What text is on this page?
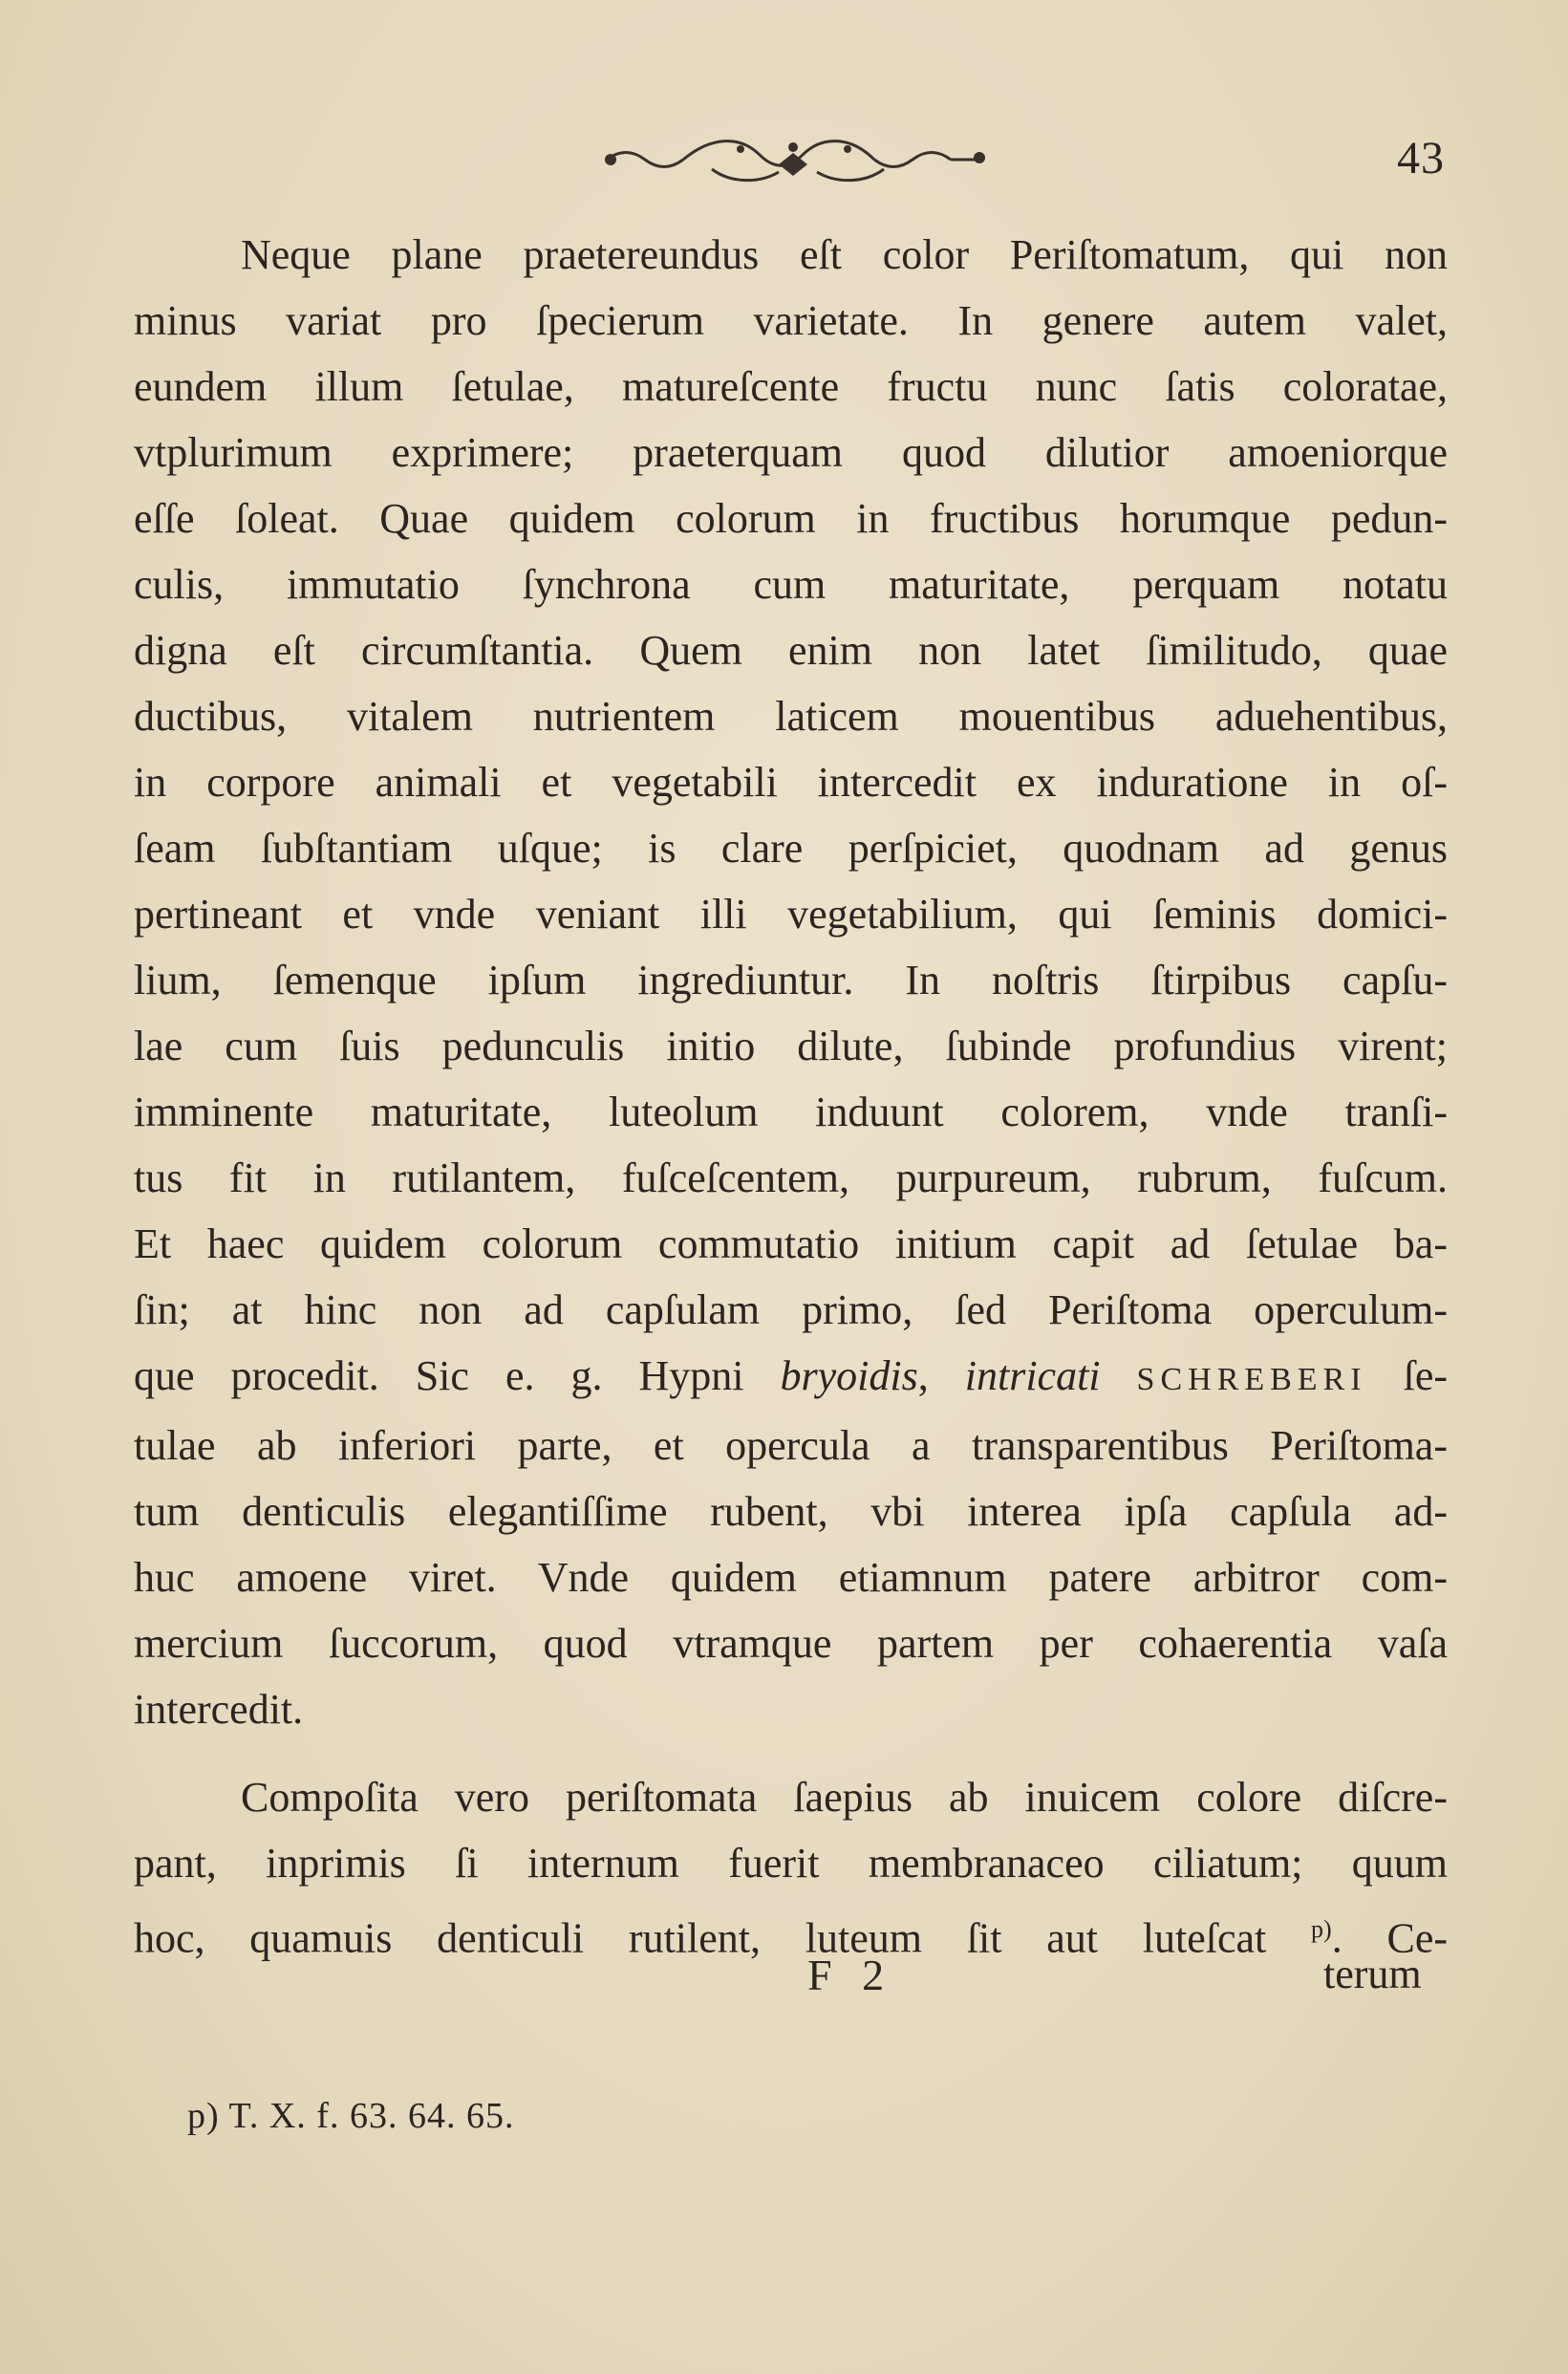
43
Neque plane praetereundus eſt color Periſtomatum, qui non
minus variat pro ſpecierum varietate. In genere autem valet,
eundem illum ſetulae, matureſcente fructu nunc ſatis coloratae,
vtplurimum exprimere; praeterquam quod dilutior amoeniorque
eſſe ſoleat. Quae quidem colorum in fructibus horumque pedun-
culis, immutatio ſynchrona cum maturitate, perquam notatu
digna eſt circumſtantia. Quem enim non latet ſimilitudo, quae
ductibus, vitalem nutrientem laticem mouentibus aduehentibus,
in corpore animali et vegetabili intercedit ex induratione in oſ-
ſeam ſubſtantiam uſque; is clare perſpiciet, quodnam ad genus
pertineant et vnde veniant illi vegetabilium, qui ſeminis domici-
lium, ſemenque ipſum ingrediuntur. In noſtris ſtirpibus capſu-
lae cum ſuis pedunculis initio dilute, ſubinde profundius virent;
imminente maturitate, luteolum induunt colorem, vnde tranſi-
tus fit in rutilantem, fuſceſcentem, purpureum, rubrum, fuſcum.
Et haec quidem colorum commutatio initium capit ad ſetulae ba-
ſin; at hinc non ad capſulam primo, ſed Periſtoma operculum-
que procedit. Sic e. g. Hypni bryoidis, intricati SCHREBERI ſe-
tulae ab inferiori parte, et opercula a transparentibus Periſtoma-
tum denticulis elegantiſſime rubent, vbi interea ipſa capſula ad-
huc amoene viret. Vnde quidem etiamnum patere arbitror com-
mercium ſuccorum, quod vtramque partem per cohaerentia vaſa
intercedit.
Compoſita vero periſtomata ſaepius ab inuicem colore diſcre-
pant, inprimis ſi internum fuerit membranaceo ciliatum; quum
hoc, quamuis denticuli rutilent, luteum ſit aut luteſcat $^{p)}$. Ce-
F 2	terum
p) T. X. f. 63. 64. 65.
